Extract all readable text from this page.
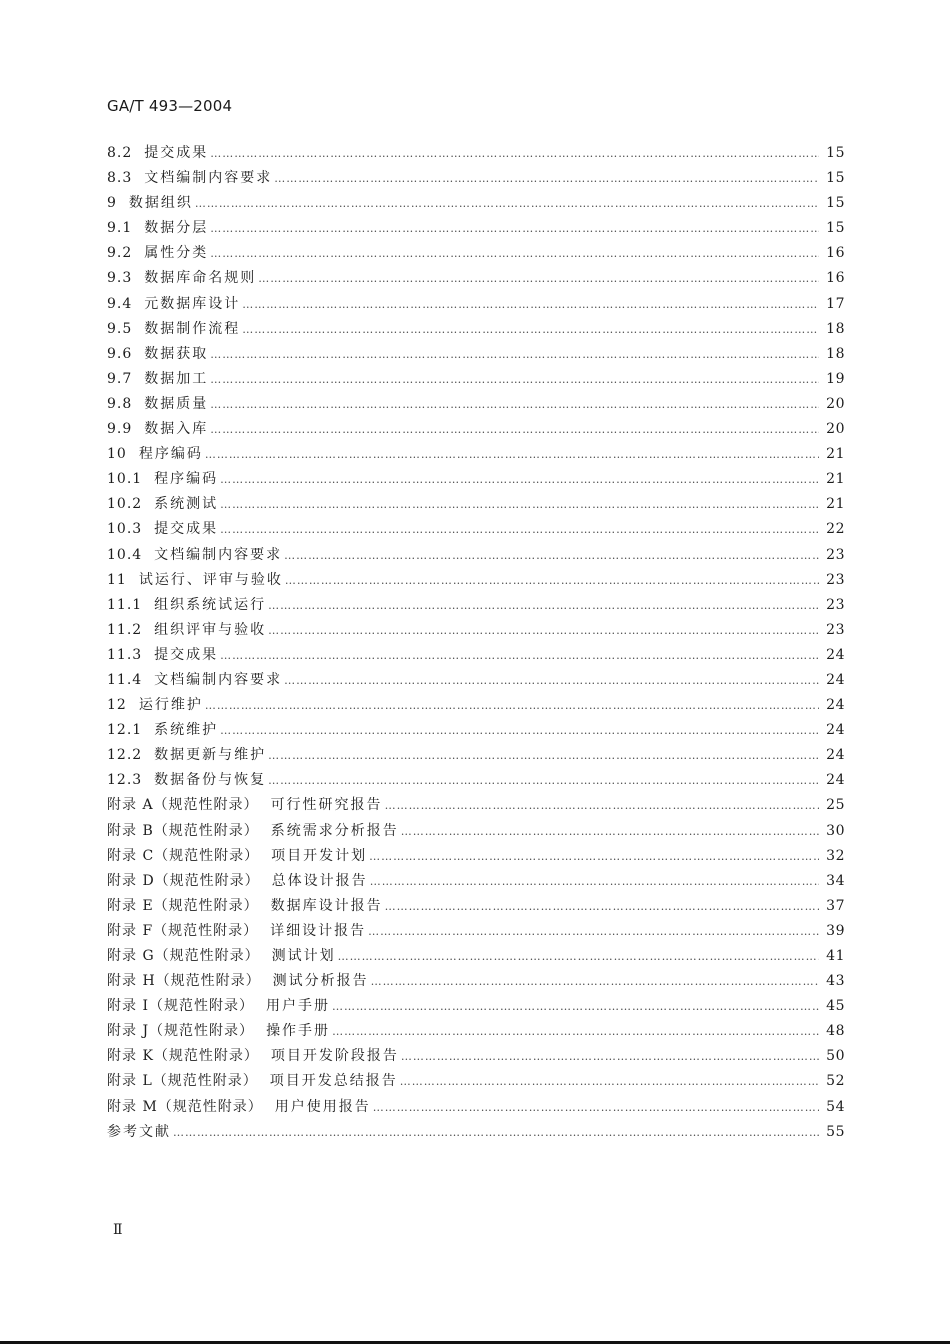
GA/T 493—2004
8.2 提交成果 ………………………………………………………………………………………………………………………………………………………………………………………………	15
8.3 文档编制内容要求 ………………………………………………………………………………………………………………………………………………………………………………………………	15
9 数据组织 ………………………………………………………………………………………………………………………………………………………………………………………………	15
9.1 数据分层 ………………………………………………………………………………………………………………………………………………………………………………………………	15
9.2 属性分类 ………………………………………………………………………………………………………………………………………………………………………………………………	16
9.3 数据库命名规则 ………………………………………………………………………………………………………………………………………………………………………………………………	16
9.4 元数据库设计 ………………………………………………………………………………………………………………………………………………………………………………………………	17
9.5 数据制作流程 ………………………………………………………………………………………………………………………………………………………………………………………………	18
9.6 数据获取 ………………………………………………………………………………………………………………………………………………………………………………………………	18
9.7 数据加工 ………………………………………………………………………………………………………………………………………………………………………………………………	19
9.8 数据质量 ………………………………………………………………………………………………………………………………………………………………………………………………	20
9.9 数据入库 ………………………………………………………………………………………………………………………………………………………………………………………………	20
10 程序编码 ………………………………………………………………………………………………………………………………………………………………………………………………	21
10.1 程序编码 ………………………………………………………………………………………………………………………………………………………………………………………………	21
10.2 系统测试 ………………………………………………………………………………………………………………………………………………………………………………………………	21
10.3 提交成果 ………………………………………………………………………………………………………………………………………………………………………………………………	22
10.4 文档编制内容要求 ………………………………………………………………………………………………………………………………………………………………………………………………	23
11 试运行、评审与验收 ………………………………………………………………………………………………………………………………………………………………………………………………	23
11.1 组织系统试运行 ………………………………………………………………………………………………………………………………………………………………………………………………	23
11.2 组织评审与验收 ………………………………………………………………………………………………………………………………………………………………………………………………	23
11.3 提交成果 ………………………………………………………………………………………………………………………………………………………………………………………………	24
11.4 文档编制内容要求 ………………………………………………………………………………………………………………………………………………………………………………………………	24
12 运行维护 ………………………………………………………………………………………………………………………………………………………………………………………………	24
12.1 系统维护 ………………………………………………………………………………………………………………………………………………………………………………………………	24
12.2 数据更新与维护 ………………………………………………………………………………………………………………………………………………………………………………………………	24
12.3 数据备份与恢复 ………………………………………………………………………………………………………………………………………………………………………………………………	24
附录 A（规范性附录） 可行性研究报告 ………………………………………………………………………………………………………………………………………………………………………………………………	25
附录 B（规范性附录） 系统需求分析报告 ………………………………………………………………………………………………………………………………………………………………………………………………	30
附录 C（规范性附录） 项目开发计划 ………………………………………………………………………………………………………………………………………………………………………………………………	32
附录 D（规范性附录） 总体设计报告 ………………………………………………………………………………………………………………………………………………………………………………………………	34
附录 E（规范性附录） 数据库设计报告 ………………………………………………………………………………………………………………………………………………………………………………………………	37
附录 F（规范性附录） 详细设计报告 ………………………………………………………………………………………………………………………………………………………………………………………………	39
附录 G（规范性附录） 测试计划 ………………………………………………………………………………………………………………………………………………………………………………………………	41
附录 H（规范性附录） 测试分析报告 ………………………………………………………………………………………………………………………………………………………………………………………………	43
附录 I（规范性附录） 用户手册 ………………………………………………………………………………………………………………………………………………………………………………………………	45
附录 J（规范性附录） 操作手册 ………………………………………………………………………………………………………………………………………………………………………………………………	48
附录 K（规范性附录） 项目开发阶段报告 ………………………………………………………………………………………………………………………………………………………………………………………………	50
附录 L（规范性附录） 项目开发总结报告 ………………………………………………………………………………………………………………………………………………………………………………………………	52
附录 M（规范性附录） 用户使用报告 ………………………………………………………………………………………………………………………………………………………………………………………………	54
参考文献 ………………………………………………………………………………………………………………………………………………………………………………………………	55
Ⅱ
